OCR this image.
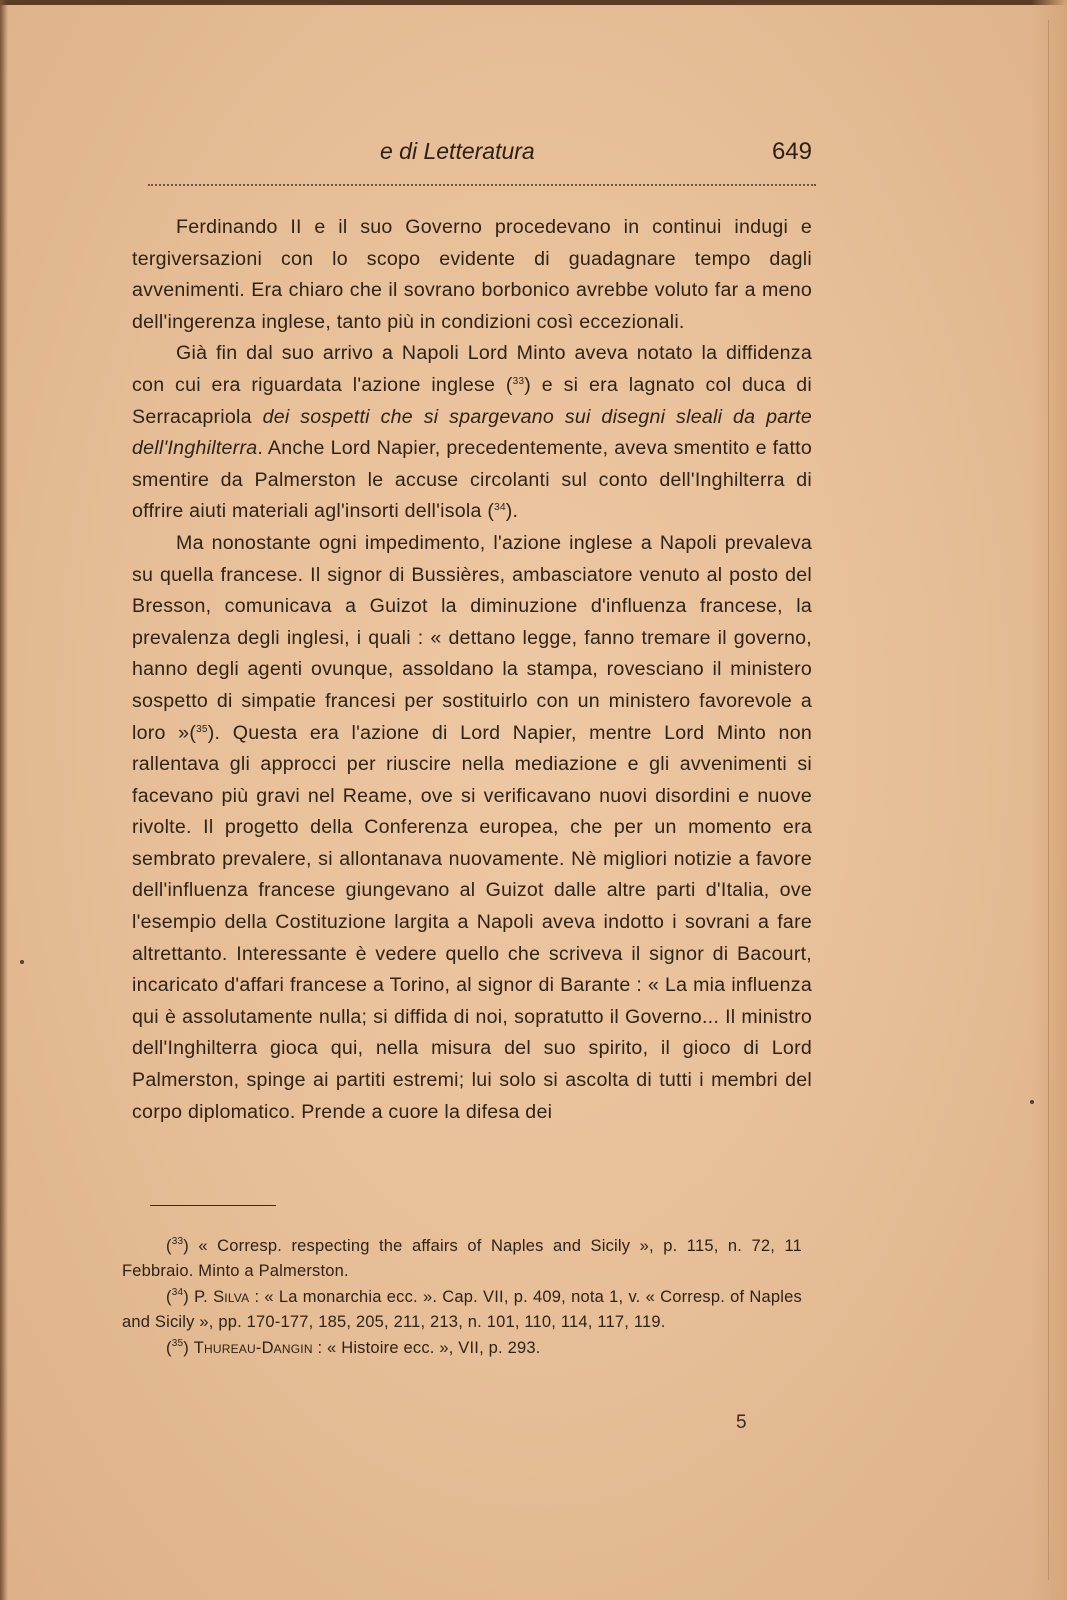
e di Letteratura	649

Ferdinando II e il suo Governo procedevano in continui indugi e tergiversazioni con lo scopo evidente di guadagnare tempo dagli avvenimenti. Era chiaro che il sovrano borbonico avrebbe voluto far a meno dell'ingerenza inglese, tanto più in condizioni così eccezionali.

Già fin dal suo arrivo a Napoli Lord Minto aveva notato la diffidenza con cui era riguardata l'azione inglese ($^{33}$) e si era lagnato col duca di Serracapriola dei sospetti che si spargevano sui disegni sleali da parte dell'Inghilterra. Anche Lord Napier, precedentemente, aveva smentito e fatto smentire da Palmerston le accuse circolanti sul conto dell'Inghilterra di offrire aiuti materiali agl'insorti dell'isola ($^{34}$).

Ma nonostante ogni impedimento, l'azione inglese a Napoli prevaleva su quella francese. Il signor di Bussières, ambasciatore venuto al posto del Bresson, comunicava a Guizot la diminuzione d'influenza francese, la prevalenza degli inglesi, i quali : « dettano legge, fanno tremare il governo, hanno degli agenti ovunque, assoldano la stampa, rovesciano il ministero sospetto di simpatie francesi per sostituirlo con un ministero favorevole a loro »($^{35}$). Questa era l'azione di Lord Napier, mentre Lord Minto non rallentava gli approcci per riuscire nella mediazione e gli avvenimenti si facevano più gravi nel Reame, ove si verificavano nuovi disordini e nuove rivolte. Il progetto della Conferenza europea, che per un momento era sembrato prevalere, si allontanava nuovamente. Nè migliori notizie a favore dell'influenza francese giungevano al Guizot dalle altre parti d'Italia, ove l'esempio della Costituzione largita a Napoli aveva indotto i sovrani a fare altrettanto. Interessante è vedere quello che scriveva il signor di Bacourt, incaricato d'affari francese a Torino, al signor di Barante : « La mia influenza qui è assolutamente nulla; si diffida di noi, sopratutto il Governo... Il ministro dell'Inghilterra gioca qui, nella misura del suo spirito, il gioco di Lord Palmerston, spinge ai partiti estremi; lui solo si ascolta di tutti i membri del corpo diplomatico. Prende a cuore la difesa dei

($^{33}$) « Corresp. respecting the affairs of Naples and Sicily », p. 115, n. 72, 11 Febbraio. Minto a Palmerston.

($^{34}$) P. Silva : « La monarchia ecc. ». Cap. VII, p. 409, nota 1, v. « Corresp. of Naples and Sicily », pp. 170-177, 185, 205, 211, 213, n. 101, 110, 114, 117, 119.

($^{35}$) Thureau-Dangin : « Histoire ecc. », VII, p. 293.

5
